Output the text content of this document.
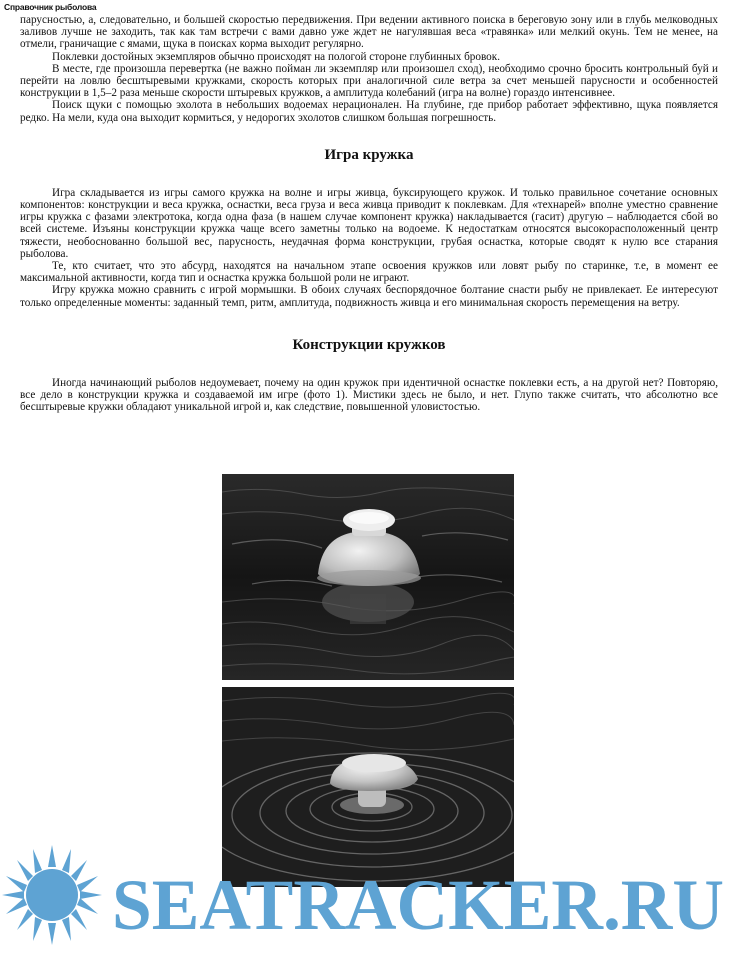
Справочник рыболова

парусностью, а, следовательно, и большей скоростью передвижения. При ведении активного поиска в береговую зону или в глубь мелководных заливов лучше не заходить, так как там встречи с вами давно уже ждет не нагулявшая веса «травянка» или мелкий окунь. Тем не менее, на отмели, граничащие с ямами, щука в поисках корма выходит регулярно.

Поклевки достойных экземпляров обычно происходят на пологой стороне глубинных бровок.

В месте, где произошла перевертка (не важно пойман ли экземпляр или произошел сход), необходимо срочно бросить контрольный буй и перейти на ловлю бесштыревыми кружками, скорость которых при аналогичной силе ветра за счет меньшей парусности и особенностей конструкции в 1,5–2 раза меньше скорости штыревых кружков, а амплитуда колебаний (игра на волне) гораздо интенсивнее.

Поиск щуки с помощью эхолота в небольших водоемах нерационален. На глубине, где прибор работает эффективно, щука появляется редко. На мели, куда она выходит кормиться, у недорогих эхолотов слишком большая погрешность.

Игра кружка

Игра складывается из игры самого кружка на волне и игры живца, буксирующего кружок. И только правильное сочетание основных компонентов: конструкции и веса кружка, оснастки, веса груза и веса живца приводит к поклевкам. Для «технарей» вполне уместно сравнение игры кружка с фазами электротока, когда одна фаза (в нашем случае компонент кружка) накладывается (гасит) другую – наблюдается сбой во всей системе. Изъяны конструкции кружка чаще всего заметны только на водоеме. К недостаткам относятся высокорасположенный центр тяжести, необоснованно большой вес, парусность, неудачная форма конструкции, грубая оснастка, которые сводят к нулю все старания рыболова.

Те, кто считает, что это абсурд, находятся на начальном этапе освоения кружков или ловят рыбу по старинке, т.е, в момент ее максимальной активности, когда тип и оснастка кружка большой роли не играют.

Игру кружка можно сравнить с игрой мормышки. В обоих случаях беспорядочное болтание снасти рыбу не привлекает. Ее интересуют только определенные моменты: заданный темп, ритм, амплитуда, подвижность живца и его минимальная скорость перемещения на ветру.

Конструкции кружков

Иногда начинающий рыболов недоумевает, почему на один кружок при идентичной оснастке поклевки есть, а на другой нет? Повторяю, все дело в конструкции кружка и создаваемой им игре (фото 1). Мистики здесь не было, и нет. Глупо также считать, что абсолютно все бесштыревые кружки обладают уникальной игрой и, как следствие, повышенной уловистостью.

SEATRACKER.RU
